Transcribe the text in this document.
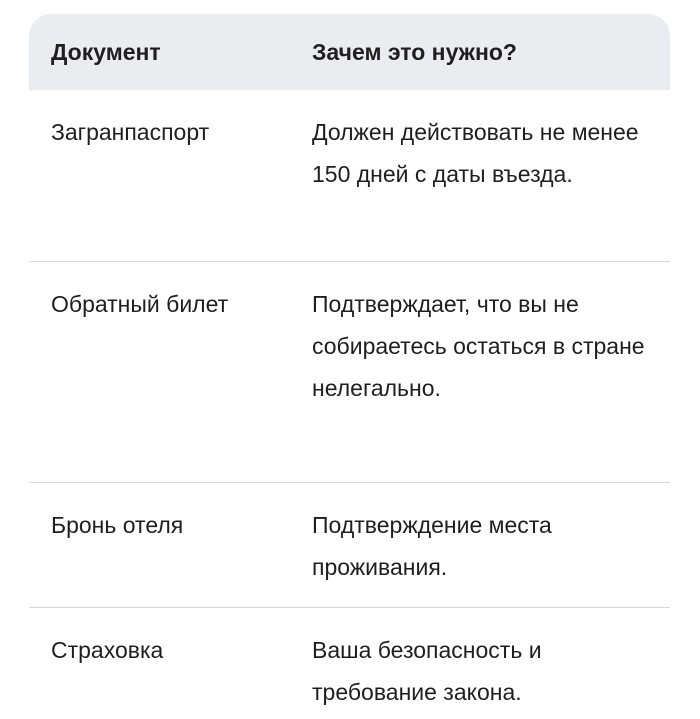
Документ	Зачем это нужно?
Загранпаспорт	Должен действовать не менее 150 дней с даты въезда.
Обратный билет	Подтверждает, что вы не собираетесь остаться в стране нелегально.
Бронь отеля	Подтверждение места проживания.
Страховка	Ваша безопасность и требование закона.
